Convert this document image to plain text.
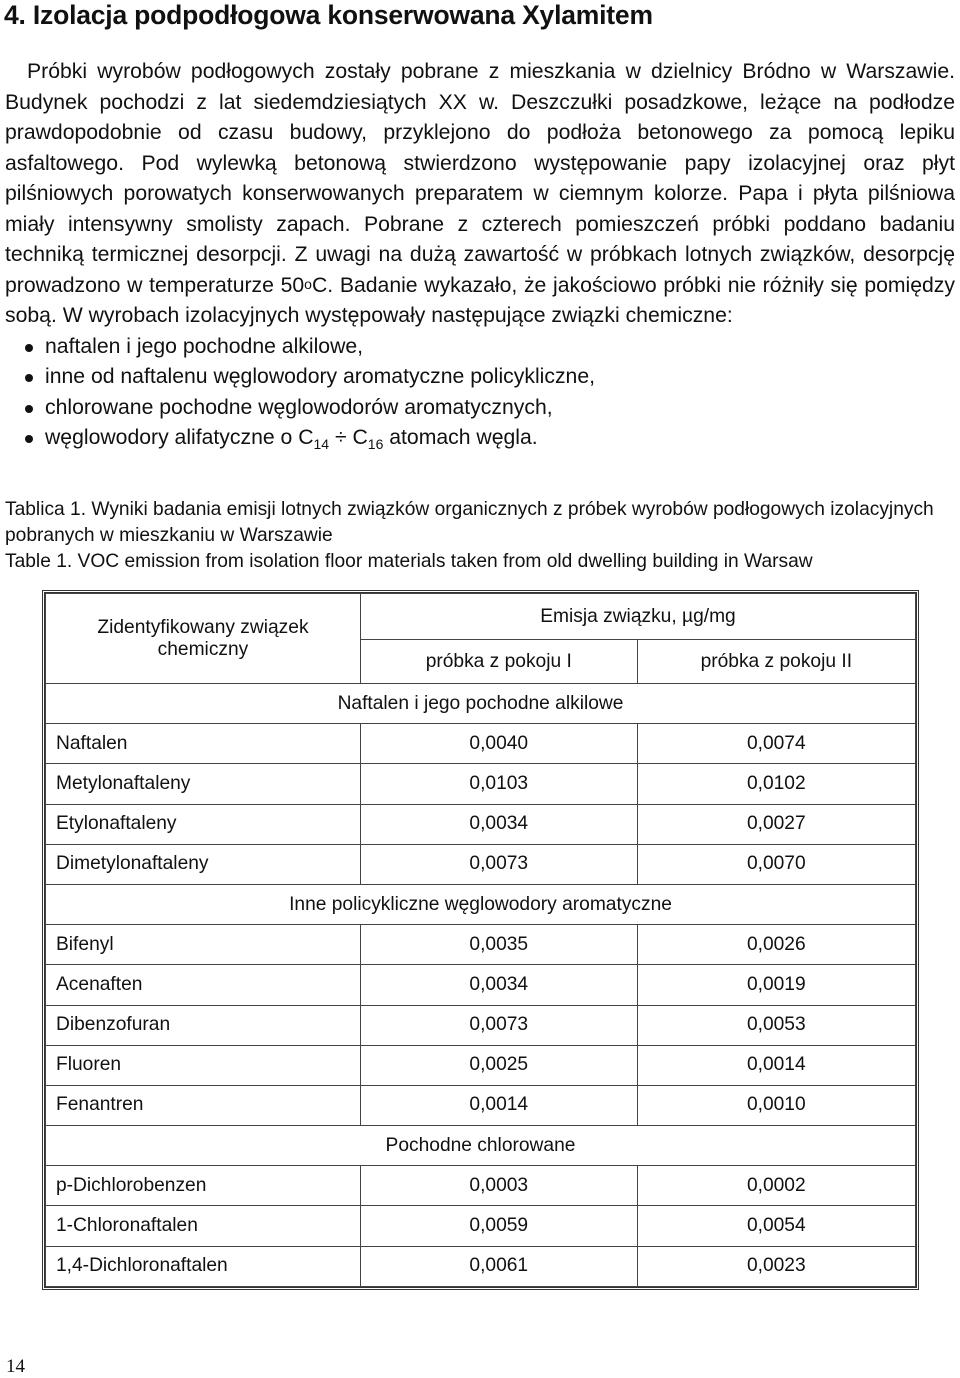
4. Izolacja podpodłogowa konserwowana Xylamitem

Próbki wyrobów podłogowych zostały pobrane z mieszkania w dzielnicy Bródno w Warszawie. Budynek pochodzi z lat siedemdziesiątych XX w. Deszczułki posadzkowe, leżące na podłodze prawdopodobnie od czasu budowy, przyklejono do podłoża betonowego za pomocą lepiku asfaltowego. Pod wylewką betonową stwierdzono występowanie papy izolacyjnej oraz płyt pilśniowych porowatych konserwowanych preparatem w ciemnym kolorze. Papa i płyta pilśniowa miały intensywny smolisty zapach. Pobrane z czterech pomieszczeń próbki poddano badaniu techniką termicznej desorpcji. Z uwagi na dużą zawartość w próbkach lotnych związków, desorpcję prowadzono w temperaturze 50$^o$C. Badanie wykazało, że jakościowo próbki nie różniły się pomiędzy sobą. W wyrobach izolacyjnych występowały następujące związki chemiczne:

naftalen i jego pochodne alkilowe,
inne od naftalenu węglowodory aromatyczne policykliczne,
chlorowane pochodne węglowodorów aromatycznych,
węglowodory alifatyczne o $C_{14} \div C_{16}$ atomach węgla.
Tablica 1. Wyniki badania emisji lotnych związków organicznych z próbek wyrobów podłogowych izolacyjnych pobranych w mieszkaniu w Warszawie
Table 1. VOC emission from isolation floor materials taken from old dwelling building in Warsaw
Zidentyfikowany związek chemiczny	Emisja związku, µg/mg	
	próbka z pokoju I	próbka z pokoju II
Naftalen i jego pochodne alkilowe		
Naftalen	0,0040	0,0074
Metylonaftaleny	0,0103	0,0102
Etylonaftaleny	0,0034	0,0027
Dimetylonaftaleny	0,0073	0,0070
Inne policykliczne węglowodory aromatyczne		
Bifenyl	0,0035	0,0026
Acenaften	0,0034	0,0019
Dibenzofuran	0,0073	0,0053
Fluoren	0,0025	0,0014
Fenantren	0,0014	0,0010
Pochodne chlorowane		
p-Dichlorobenzen	0,0003	0,0002
1-Chloronaftalen	0,0059	0,0054
1,4-Dichloronaftalen	0,0061	0,0023
14
